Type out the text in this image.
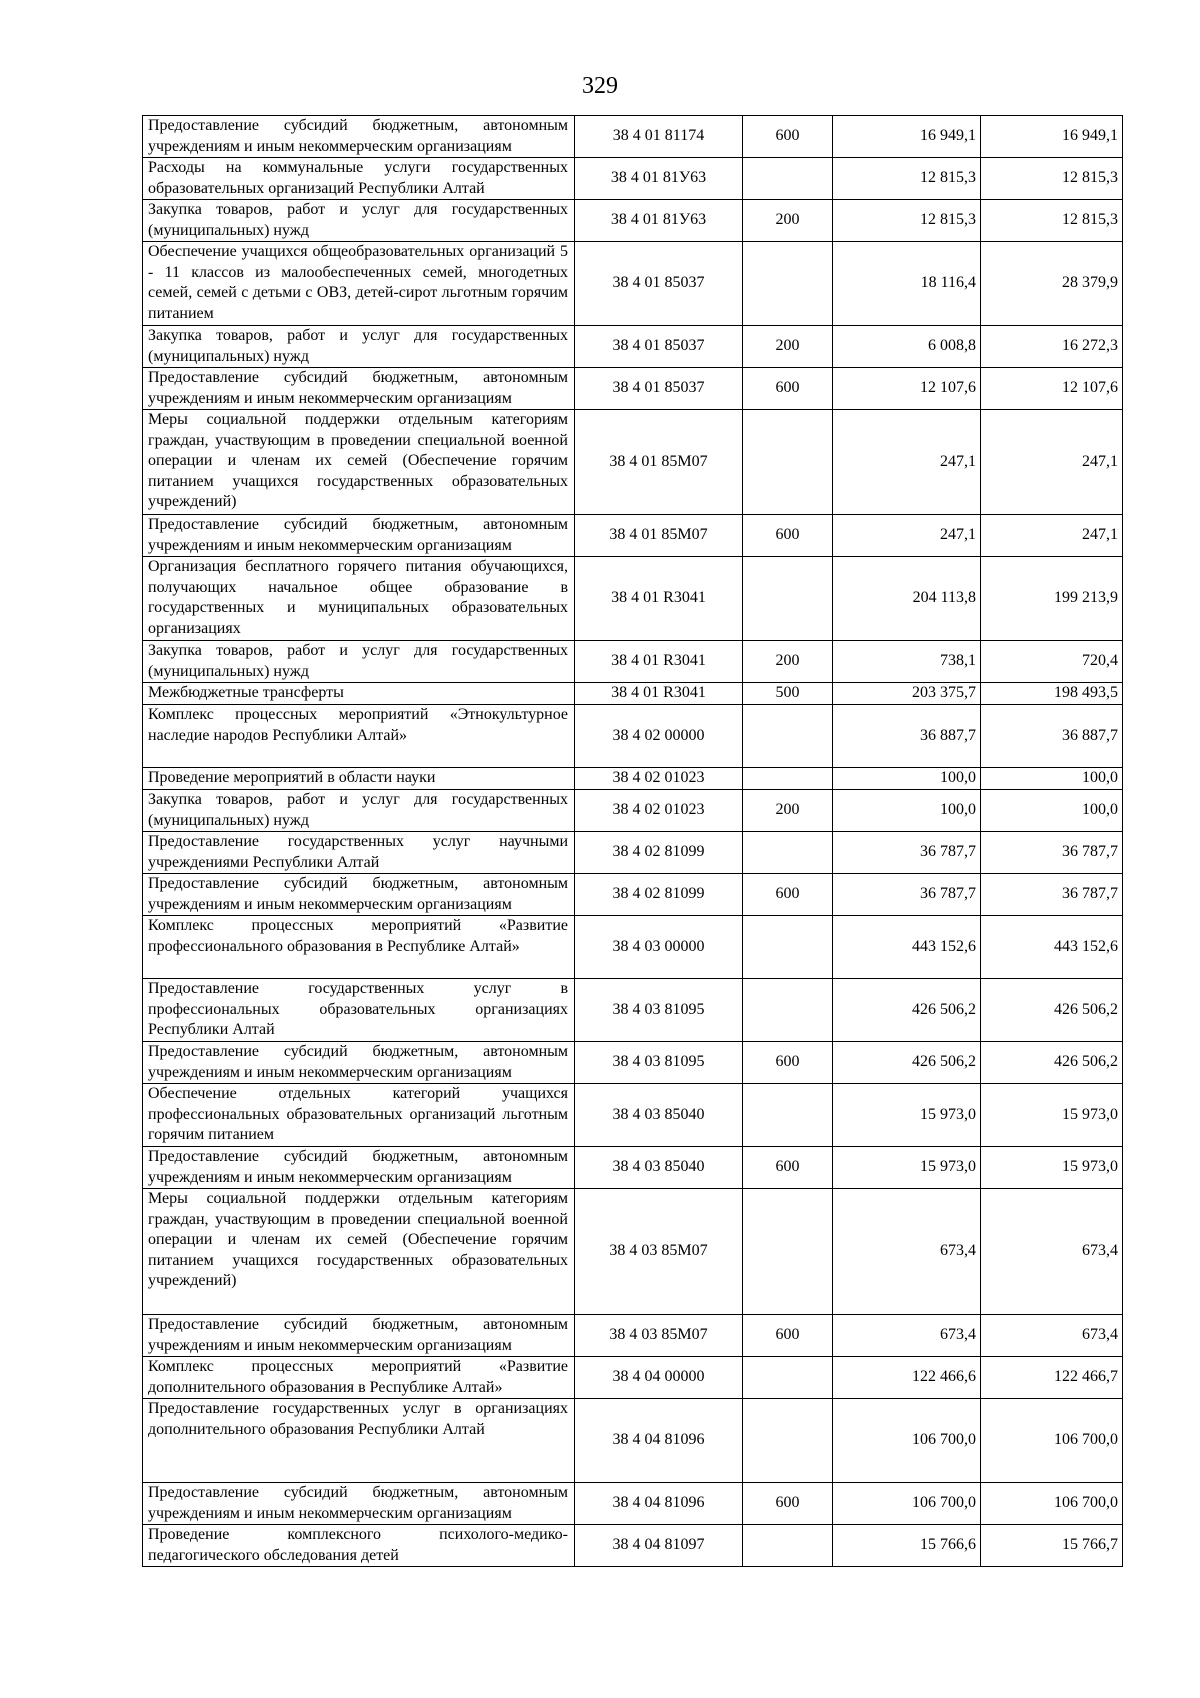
329
Предоставление субсидий бюджетным, автономным учреждениям и иным некоммерческим организациям	38 4 01 81174	600	16 949,1	16 949,1
Расходы на коммунальные услуги государственных образовательных организаций Республики Алтай	38 4 01 81У63		12 815,3	12 815,3
Закупка товаров, работ и услуг для государственных (муниципальных) нужд	38 4 01 81У63	200	12 815,3	12 815,3
Обеспечение учащихся общеобразовательных организаций 5 - 11 классов из малообеспеченных семей, многодетных семей, семей с детьми с ОВЗ, детей-сирот льготным горячим питанием	38 4 01 85037		18 116,4	28 379,9
Закупка товаров, работ и услуг для государственных (муниципальных) нужд	38 4 01 85037	200	6 008,8	16 272,3
Предоставление субсидий бюджетным, автономным учреждениям и иным некоммерческим организациям	38 4 01 85037	600	12 107,6	12 107,6
Меры социальной поддержки отдельным категориям граждан, участвующим в проведении специальной военной операции и членам их семей (Обеспечение горячим питанием учащихся государственных образовательных учреждений)	38 4 01 85М07		247,1	247,1
Предоставление субсидий бюджетным, автономным учреждениям и иным некоммерческим организациям	38 4 01 85М07	600	247,1	247,1
Организация бесплатного горячего питания обучающихся, получающих начальное общее образование в государственных и муниципальных образовательных организациях	38 4 01 R3041		204 113,8	199 213,9
Закупка товаров, работ и услуг для государственных (муниципальных) нужд	38 4 01 R3041	200	738,1	720,4
Межбюджетные трансферты	38 4 01 R3041	500	203 375,7	198 493,5
Комплекс процессных мероприятий «Этнокультурное наследие народов Республики Алтай»	38 4 02 00000		36 887,7	36 887,7
Проведение мероприятий в области науки	38 4 02 01023		100,0	100,0
Закупка товаров, работ и услуг для государственных (муниципальных) нужд	38 4 02 01023	200	100,0	100,0
Предоставление государственных услуг научными учреждениями Республики Алтай	38 4 02 81099		36 787,7	36 787,7
Предоставление субсидий бюджетным, автономным учреждениям и иным некоммерческим организациям	38 4 02 81099	600	36 787,7	36 787,7
Комплекс процессных мероприятий «Развитие профессионального образования в Республике Алтай»	38 4 03 00000		443 152,6	443 152,6
Предоставление государственных услуг в профессиональных образовательных организациях Республики Алтай	38 4 03 81095		426 506,2	426 506,2
Предоставление субсидий бюджетным, автономным учреждениям и иным некоммерческим организациям	38 4 03 81095	600	426 506,2	426 506,2
Обеспечение отдельных категорий учащихся профессиональных образовательных организаций льготным горячим питанием	38 4 03 85040		15 973,0	15 973,0
Предоставление субсидий бюджетным, автономным учреждениям и иным некоммерческим организациям	38 4 03 85040	600	15 973,0	15 973,0
Меры социальной поддержки отдельным категориям граждан, участвующим в проведении специальной военной операции и членам их семей (Обеспечение горячим питанием учащихся государственных образовательных учреждений)	38 4 03 85М07		673,4	673,4
Предоставление субсидий бюджетным, автономным учреждениям и иным некоммерческим организациям	38 4 03 85М07	600	673,4	673,4
Комплекс процессных мероприятий «Развитие дополнительного образования в Республике Алтай»	38 4 04 00000		122 466,6	122 466,7
Предоставление государственных услуг в организациях дополнительного образования Республики Алтай	38 4 04 81096		106 700,0	106 700,0
Предоставление субсидий бюджетным, автономным учреждениям и иным некоммерческим организациям	38 4 04 81096	600	106 700,0	106 700,0
Проведение комплексного психолого-медико-педагогического обследования детей	38 4 04 81097		15 766,6	15 766,7
